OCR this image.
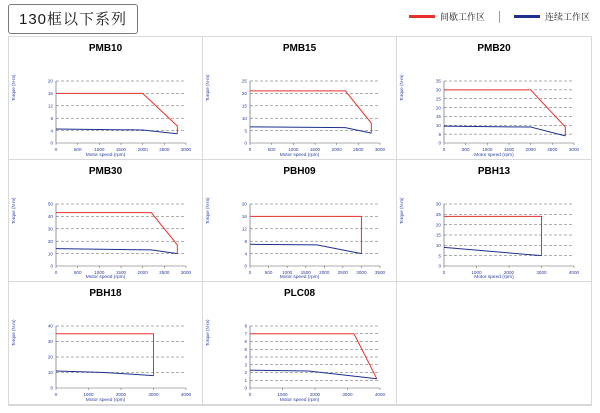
130框以下系列	间歇工作区	连续工作区
PMB10
0
4
8
12
16
20
0	500	1000 1500 2000 2500 3000
Torque (N·m)
Motor speed (rpm)
PMB15
0
5
10
15
20
25
0	500	1000 1500 2000 2500 3000
Torque (N·m)
Motor speed (rpm)
PMB20
0
5
10
15
20
25
30
35
0	500	1000 1500 2000 2500 3000
Torque (N·m)
Motor speed (rpm)
PMB30
0
10
20
30
40
50
0	500	1000 1500 2000 2500 3000
Torque (N·m)
Motor speed (rpm)
PBH09
0
4
8
12
16
20
0	500 1000 1500 2000 2500 3000 3500
Torque (N·m)
Motor speed (rpm)
PBH13
0
5
10
15
20
25
30
0	1000	2000	3000	4000
Torque (N·m)
Motor speed (rpm)
PBH18
0
10
20
30
40
0	1000	2000	3000	4000
Torque (N·m)
Motor speed (rpm)
PLC08
0
1
2
3
4
5
6
7
8
0	1000	2000	3000	4000
Torque (N·m)
Motor speed (rpm)
